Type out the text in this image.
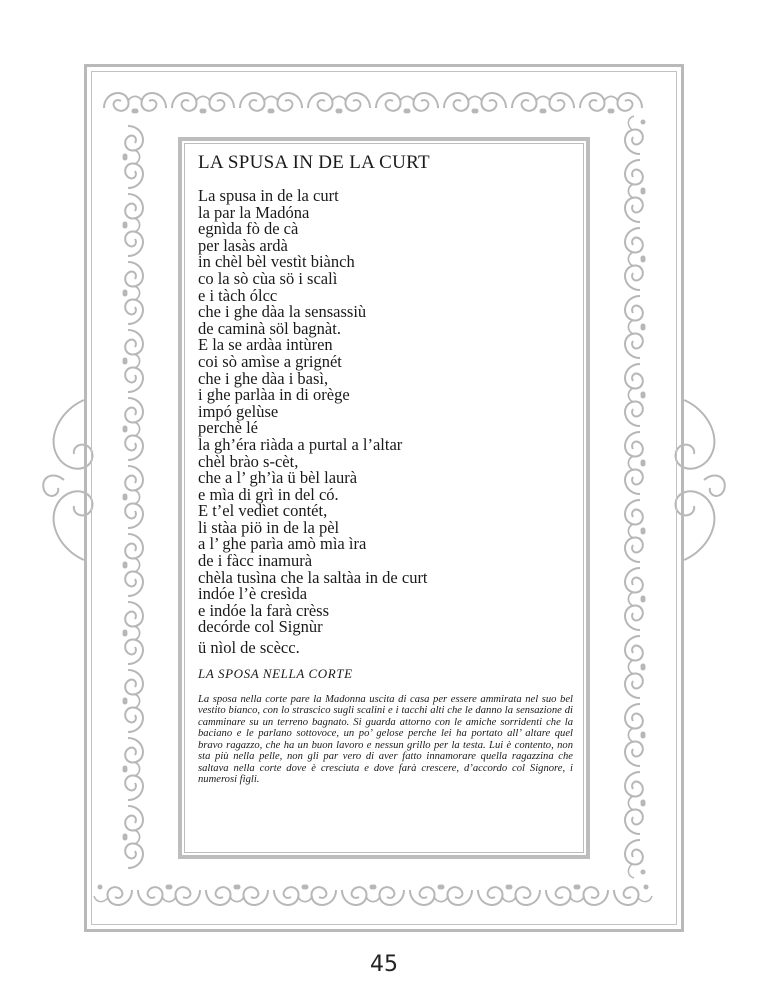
LA SPUSA IN DE LA CURT
La spusa in de la curt
la par la Madóna
egnìda fò de cà
per lasàs ardà
in chèl bèl vestìt biànch
co la sò cùa sö i scalì
e i tàch ólcc
che i ghe dàa la sensassiù
de caminà söl bagnàt.
E la se ardàa intùren
coi sò amìse a grignét
che i ghe dàa i basì,
i ghe parlàa in di orège
impó gelùse
perchè lé
la gh’éra riàda a purtal a l’altar
chèl brào s-cèt,
che a l’ gh’ìa ü bèl laurà
e mìa di grì in del có.
E t’el vedìet contét,
li stàa piö in de la pèl
a l’ ghe parìa amò mìa ìra
de i fàcc inamurà
chèla tusìna che la saltàa in de curt
indóe l’è cresìda
e indóe la farà crèss
decórde col Signùr
ü nìol de scècc.
LA SPOSA NELLA CORTE
La sposa nella corte pare la Madonna uscita di casa per essere ammirata nel suo bel vestito bianco, con lo strascico sugli scalini e i tacchi alti che le danno la sensazione di camminare su un terreno bagnato. Si guarda attorno con le amiche sorridenti che la baciano e le parlano sottovoce, un po’ gelose perche lei ha portato all’ altare quel bravo ragazzo, che ha un buon lavoro e nessun grillo per la testa. Lui è contento, non sta più nella pelle, non gli par vero di aver fatto innamorare quella ragazzina che saltava nella corte dove è cresciuta e dove farà crescere, d’accordo col Signore, i numerosi figli.
45
